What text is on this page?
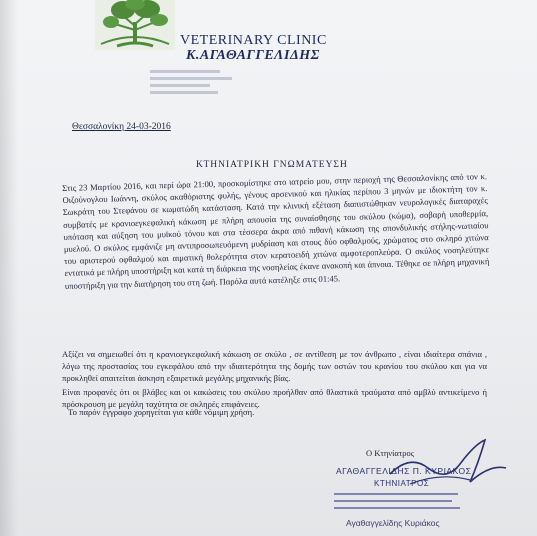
VETERINARY CLINIC
Κ.ΑΓΑΘΑΓΓΕΛΙΔΗΣ
Θεσσαλονίκη 24-03-2016
ΚΤΗΝΙΑΤΡΙΚΗ ΓΝΩΜΑΤΕΥΣΗ
Στις 23 Μαρτίου 2016, και περί ώρα 21:00, προσκομίστηκε στο ιατρείο μου, στην περιοχή της Θεσσαλονίκης από τον κ. Οιζούνογλου Ιωάννη, σκύλος ακαθόριστης φυλής, γένους αρσενικού και ηλικίας περίπου 3 μηνών με ιδιοκτήτη τον κ. Σωκράτη του Στεφάνου σε κωματώδη κατάσταση. Κατά την κλινική εξέταση διαπιστώθηκαν νευρολογικές διαταραχές συμβατές με κρανιοεγκεφαλική κάκωση με πλήρη απουσία της συναίσθησης του σκύλου (κώμα), σοβαρή υποθερμία, υπόταση και αύξηση του μυϊκού τόνου και στα τέσσερα άκρα από πιθανή κάκωση της σπονδυλικής στήλης-νωτιαίου μυελού. Ο σκύλος εμφάνιζε μη αντιπροσωπευόμενη μυδρίαση και στους δύο οφθαλμούς, χρώματος στο σκληρό χιτώνα του αριστερού οφθαλμού και αιματική θολερότητα στον κερατοειδή χιτώνα αμφοτεροπλεύρα. Ο σκύλος νοσηλεύτηκε εντατικά με πλήρη υποστήριξη και κατά τη διάρκεια της νοσηλείας έκανε ανακοπή και άπνοια. Τέθηκε σε πλήρη μηχανική υποστήριξη για την διατήρηση του στη ζωή. Παρόλα αυτά κατέληξε στις 01:45.
Αξίζει να σημειωθεί ότι η κρανιοεγκεφαλική κάκωση σε σκύλο , σε αντίθεση με τον άνθρωπο , είναι ιδιαίτερα σπάνια , λόγω της προστασίας του εγκεφάλου από την ιδιαιτερότητα της δομής των οστών του κρανίου του σκύλου και για να προκληθεί απαιτείται άσκηση εξαιρετικά μεγάλης μηχανικής βίας.
Είναι προφανές ότι οι βλάβες και οι κακώσεις του σκύλου προήλθαν από θλαστικά τραύματα από αμβλύ αντικείμενο ή πρόσκρουση με μεγάλη ταχύτητα σε σκληρές επιφάνειες.
Το παρόν έγγραφο χορηγείται για κάθε νόμιμη χρήση.
Ο Κτηνίατρος
ΑΓΑΘΑΓΓΕΛΙΔΗΣ Π. ΚΥΡΙΑΚΟΣ
ΚΤΗΝΙΑΤΡΟΣ
Αγαθαγγελίδης Κυριάκος
